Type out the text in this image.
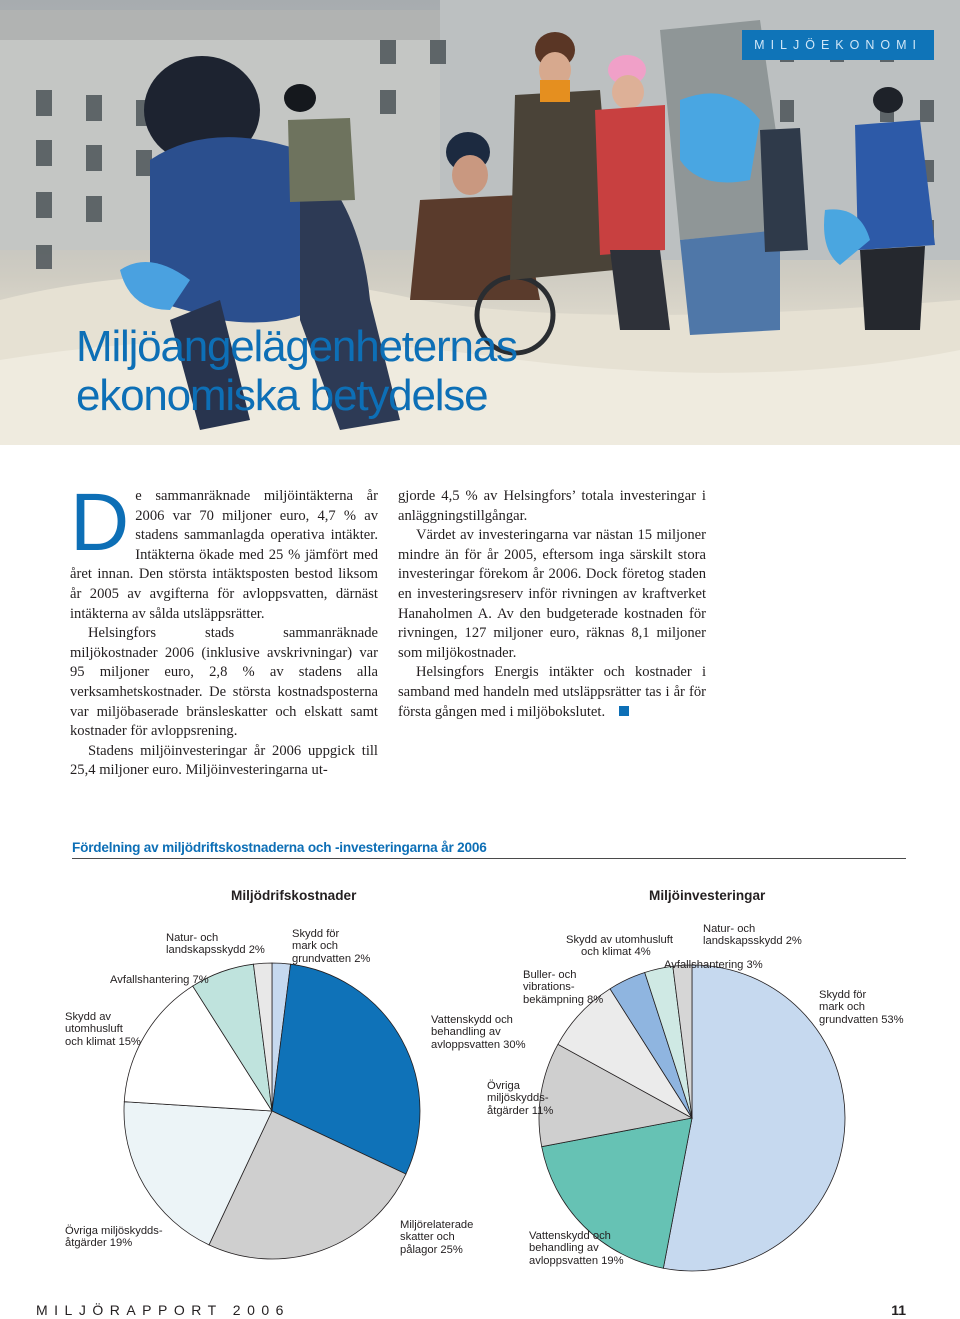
MILJÖEKONOMI
Miljöangelägenheternas
ekonomiska betydelse

De sammanräknade miljöintäkterna år 2006 var 70 miljoner euro, 4,7 % av stadens sammanlagda operativa intäkter. Intäkterna ökade med 25 % jämfört med året innan. Den största intäktsposten bestod liksom år 2005 av avgifterna för avloppsvatten, därnäst intäkterna av sålda utsläppsrätter.

Helsingfors stads sammanräknade miljökostnader 2006 (inklusive avskrivningar) var 95 miljoner euro, 2,8 % av stadens alla verksamhetskostnader. De största kostnadsposterna var miljöbaserade bränsleskatter och elskatt samt kostnader för avloppsrening.

Stadens miljöinvesteringar år 2006 uppgick till 25,4 miljoner euro. Miljöinvesteringarna ut-

gjorde 4,5 % av Helsingfors’ totala investeringar i anläggningstillgångar.

Värdet av investeringarna var nästan 15 miljoner mindre än för år 2005, eftersom inga särskilt stora investeringar förekom år 2006. Dock företog staden en investeringsreserv inför rivningen av kraftverket Hanaholmen A. Av den budgeterade kostnaden för rivningen, 127 miljoner euro, räknas 8,1 miljoner som miljökostnader.

Helsingfors Energis intäkter och kostnader i samband med handeln med utsläppsrätter tas i år för första gången med i miljöbokslutet.

Fördelning av miljödriftskostnaderna och -investeringarna år 2006
Miljödrifskostnader	Miljöinvesteringar
Natur- och
landskapsskydd 2%
Skydd för
mark och
grundvatten 2%
Avfallshantering 7%
Skydd av
utomhusluft
och klimat 15%
Vattenskydd och
behandling av
avloppsvatten 30%
Övriga miljöskydds-
åtgärder 19%
Miljörelaterade
skatter och
pålagor 25%
Skydd av utomhusluft
och klimat 4%
Natur- och
landskapsskydd 2%
Avfallshantering 3%
Buller- och
vibrations-
bekämpning 8%	Skydd för
mark och
grundvatten 53%
Övriga
miljöskydds-
åtgärder 11%
Vattenskydd och
behandling av
avloppsvatten 19%
MILJÖRAPPORT 2006	11
